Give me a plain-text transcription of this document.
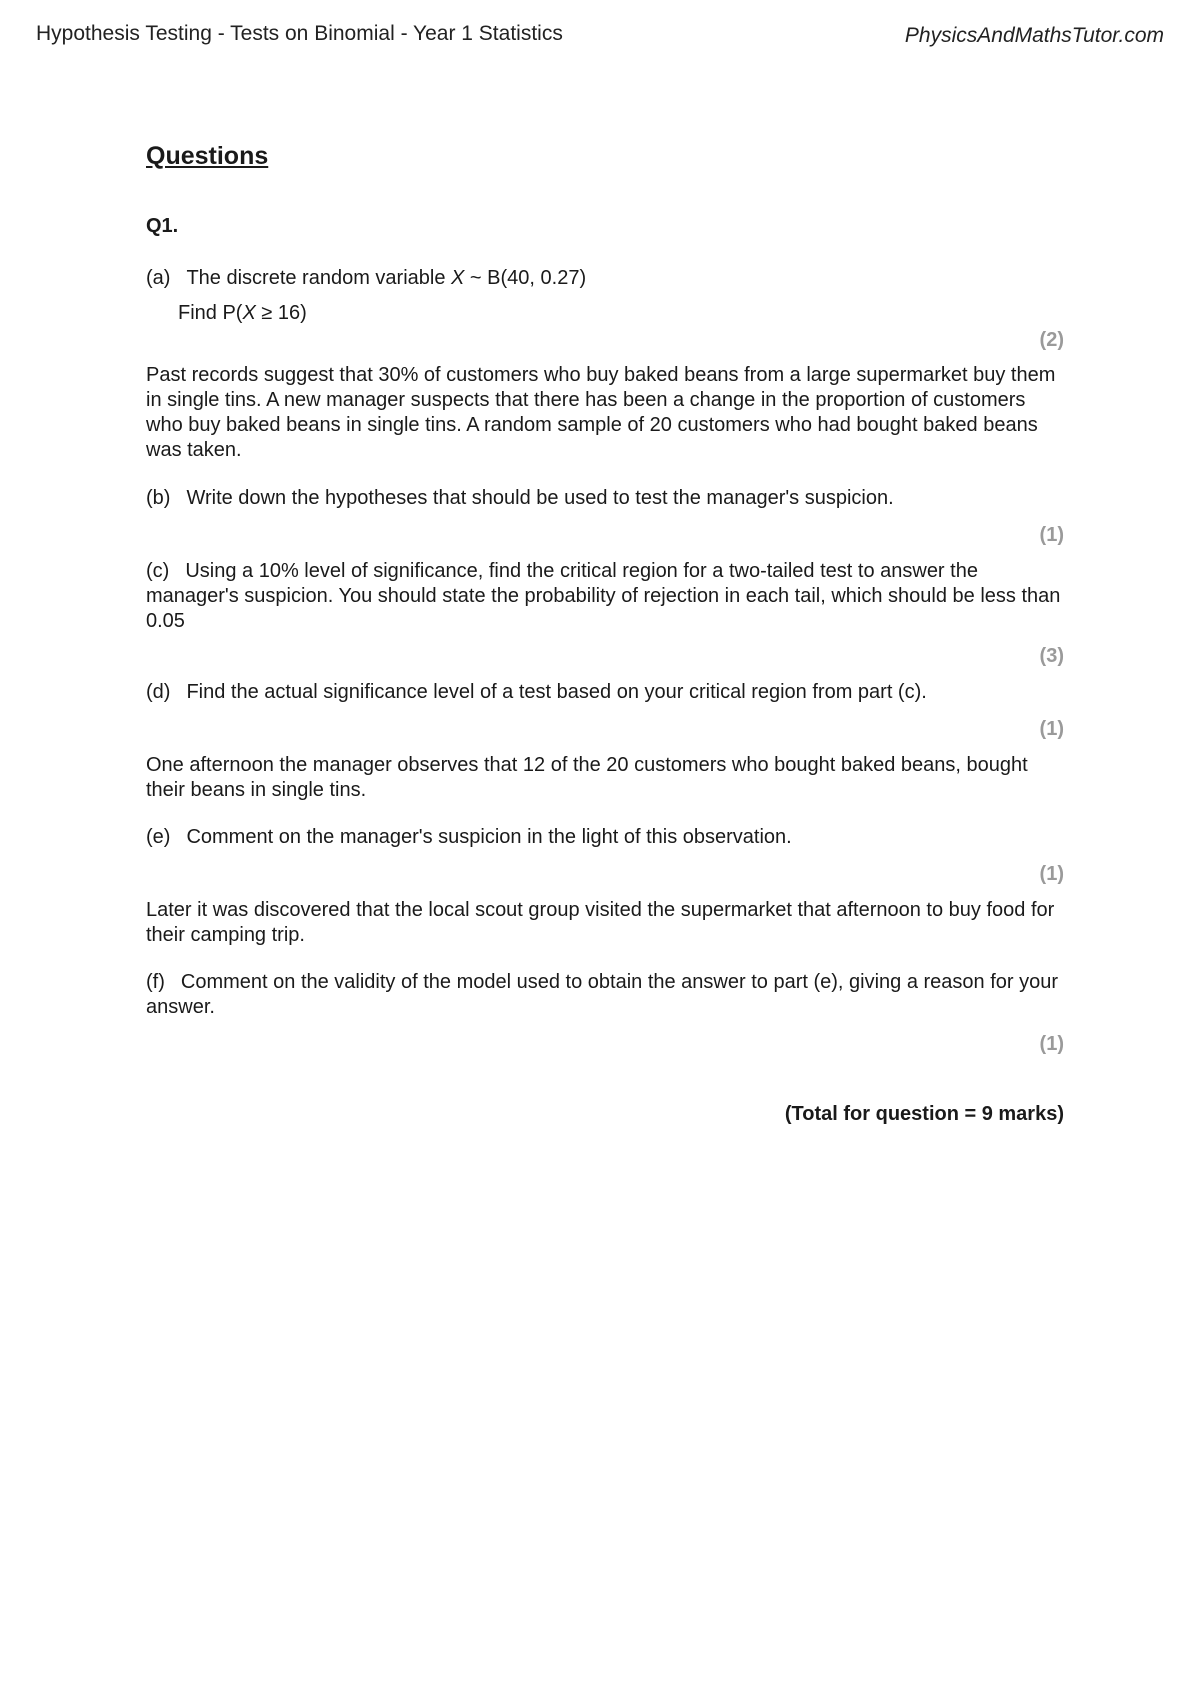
Hypothesis Testing - Tests on Binomial - Year 1 Statistics	PhysicsAndMathsTutor.com
Questions
Q1.
(a) The discrete random variable X ~ B(40, 0.27)
Find P(X ≥ 16)
(2)

Past records suggest that 30% of customers who buy baked beans from a large supermarket buy them in single tins. A new manager suspects that there has been a change in the proportion of customers who buy baked beans in single tins. A random sample of 20 customers who had bought baked beans was taken.

(b) Write down the hypotheses that should be used to test the manager's suspicion.
(1)
(c) Using a 10% level of significance, find the critical region for a two-tailed test to answer the manager's suspicion. You should state the probability of rejection in each tail, which should be less than 0.05
(3)
(d) Find the actual significance level of a test based on your critical region from part (c).
(1)

One afternoon the manager observes that 12 of the 20 customers who bought baked beans, bought their beans in single tins.

(e) Comment on the manager's suspicion in the light of this observation.
(1)

Later it was discovered that the local scout group visited the supermarket that afternoon to buy food for their camping trip.

(f) Comment on the validity of the model used to obtain the answer to part (e), giving a reason for your answer.
(1)
(Total for question = 9 marks)
